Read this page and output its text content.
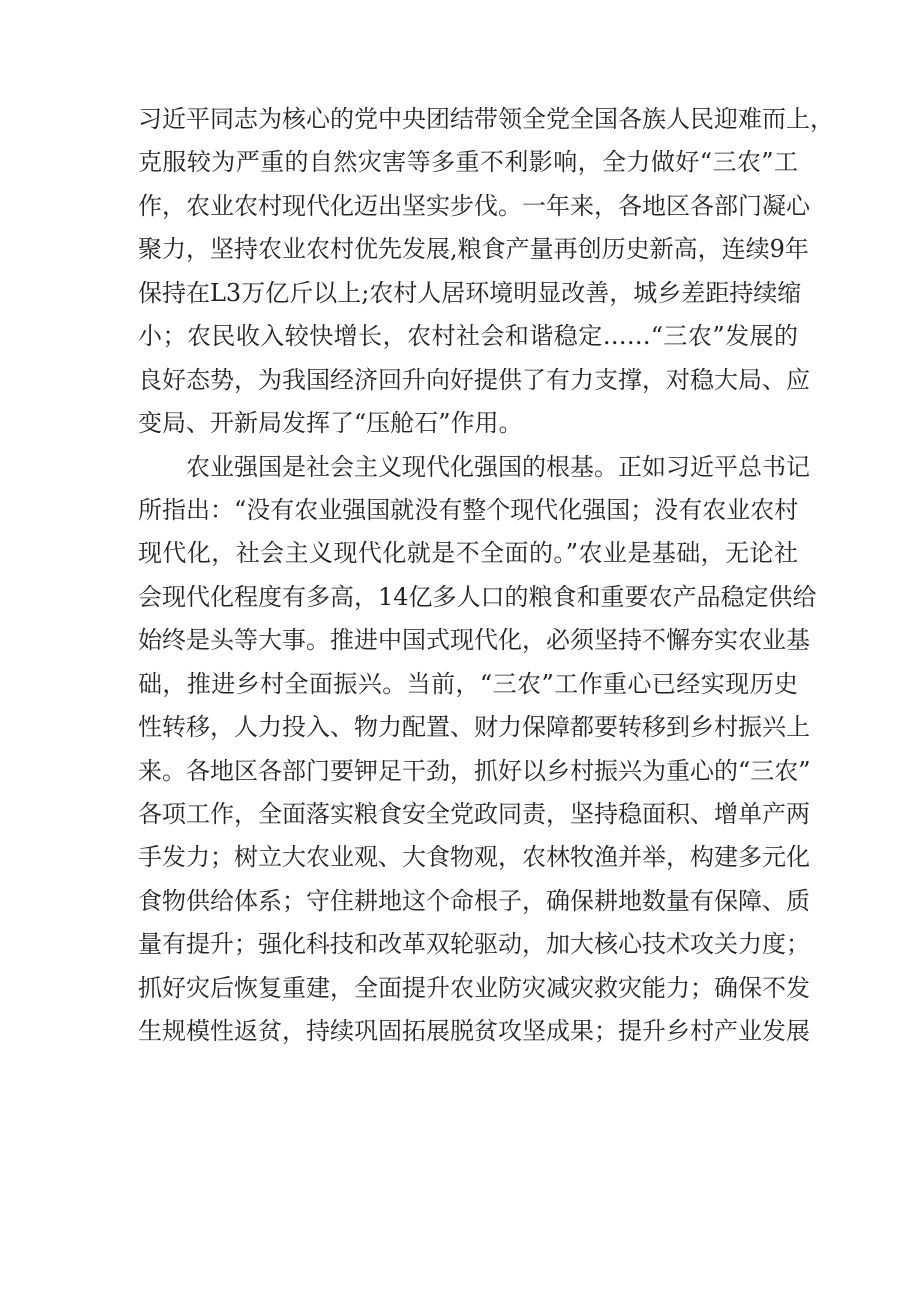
习近平同志为核心的党中央团结带领全党全国各族人民迎难而上，
克服较为严重的自然灾害等多重不利影响，全力做好“三农”工
作，农业农村现代化迈出坚实步伐。一年来，各地区各部门凝心
聚力，坚持农业农村优先发展,粮食产量再创历史新高，连续9年
保持在L3万亿斤以上;农村人居环境明显改善，城乡差距持续缩
小；农民收入较快增长，农村社会和谐稳定……“三农”发展的
良好态势，为我国经济回升向好提供了有力支撑，对稳大局、应
变局、开新局发挥了“压舱石”作用。
农业强国是社会主义现代化强国的根基。正如习近平总书记
所指出：“没有农业强国就没有整个现代化强国；没有农业农村
现代化，社会主义现代化就是不全面的。”农业是基础，无论社
会现代化程度有多高，14亿多人口的粮食和重要农产品稳定供给
始终是头等大事。推进中国式现代化，必须坚持不懈夯实农业基
础，推进乡村全面振兴。当前，“三农”工作重心已经实现历史
性转移，人力投入、物力配置、财力保障都要转移到乡村振兴上
来。各地区各部门要钾足干劲，抓好以乡村振兴为重心的“三农”
各项工作，全面落实粮食安全党政同责，坚持稳面积、增单产两
手发力；树立大农业观、大食物观，农林牧渔并举，构建多元化
食物供给体系；守住耕地这个命根子，确保耕地数量有保障、质
量有提升；强化科技和改革双轮驱动，加大核心技术攻关力度；
抓好灾后恢复重建，全面提升农业防灾减灾救灾能力；确保不发
生规模性返贫，持续巩固拓展脱贫攻坚成果；提升乡村产业发展
